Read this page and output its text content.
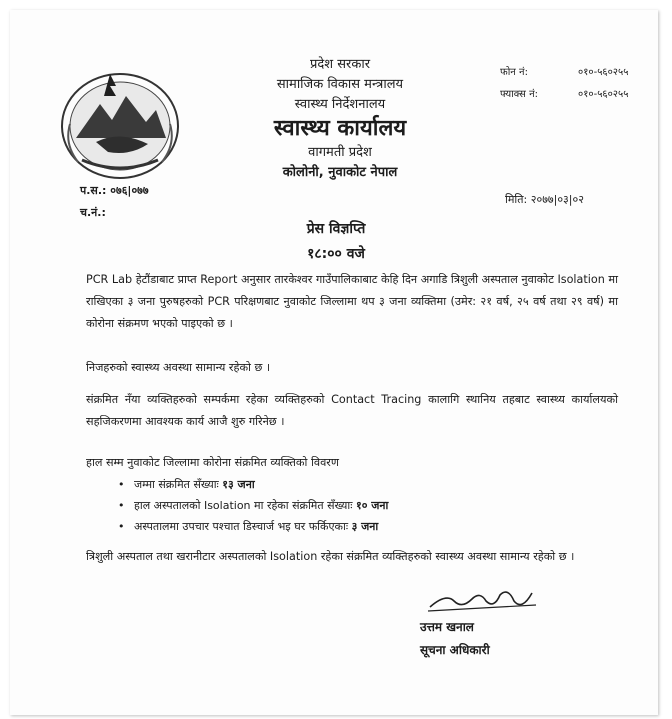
प्रदेश सरकार
सामाजिक विकास मन्त्रालय
स्वास्थ्य निर्देशनालय
स्वास्थ्य कार्यालय
वागमती प्रदेश
कोलोनी, नुवाकोट नेपाल
फोन नं:	०१०-५६०२५५
फ्याक्स नं:	०१०-५६०२५५
प.स.: ०७६|०७७
च.नं.:
मिति: २०७७|०३|०२
प्रेस विज्ञप्ति
१८:०० वजे
PCR Lab हेटौंडाबाट प्राप्त Report अनुसार तारकेश्वर गाउँपालिकाबाट केहि दिन अगाडि त्रिशुली अस्पताल नुवाकोट Isolation मा राखिएका ३ जना पुरुषहरुको PCR परिक्षणबाट नुवाकोट जिल्लामा थप ३ जना व्यक्तिमा (उमेर: २१ वर्ष, २५ वर्ष तथा २९ वर्ष) मा कोरोना संक्रमण भएको पाइएको छ ।
निजहरुको स्वास्थ्य अवस्था सामान्य रहेको छ ।
संक्रमित नँया व्यक्तिहरुको सम्पर्कमा रहेका व्यक्तिहरुको Contact Tracing कालागि स्थानिय तहबाट स्वास्थ्य कार्यालयको सहजिकरणमा आवश्यक कार्य आजै शुरु गरिनेछ ।
हाल सम्म नुवाकोट जिल्लामा कोरोना संक्रमित व्यक्तिको विवरण
• जम्मा संक्रमित सँख्याः १३ जना
• हाल अस्पतालको Isolation मा रहेका संक्रमित सँख्याः १० जना
• अस्पतालमा उपचार पश्चात डिस्चार्ज भइ घर फर्किएकाः ३ जना
त्रिशुली अस्पताल तथा खरानीटार अस्पतालको Isolation रहेका संक्रमित व्यक्तिहरुको स्वास्थ्य अवस्था सामान्य रहेको छ ।
उत्तम खनाल
सूचना अधिकारी
